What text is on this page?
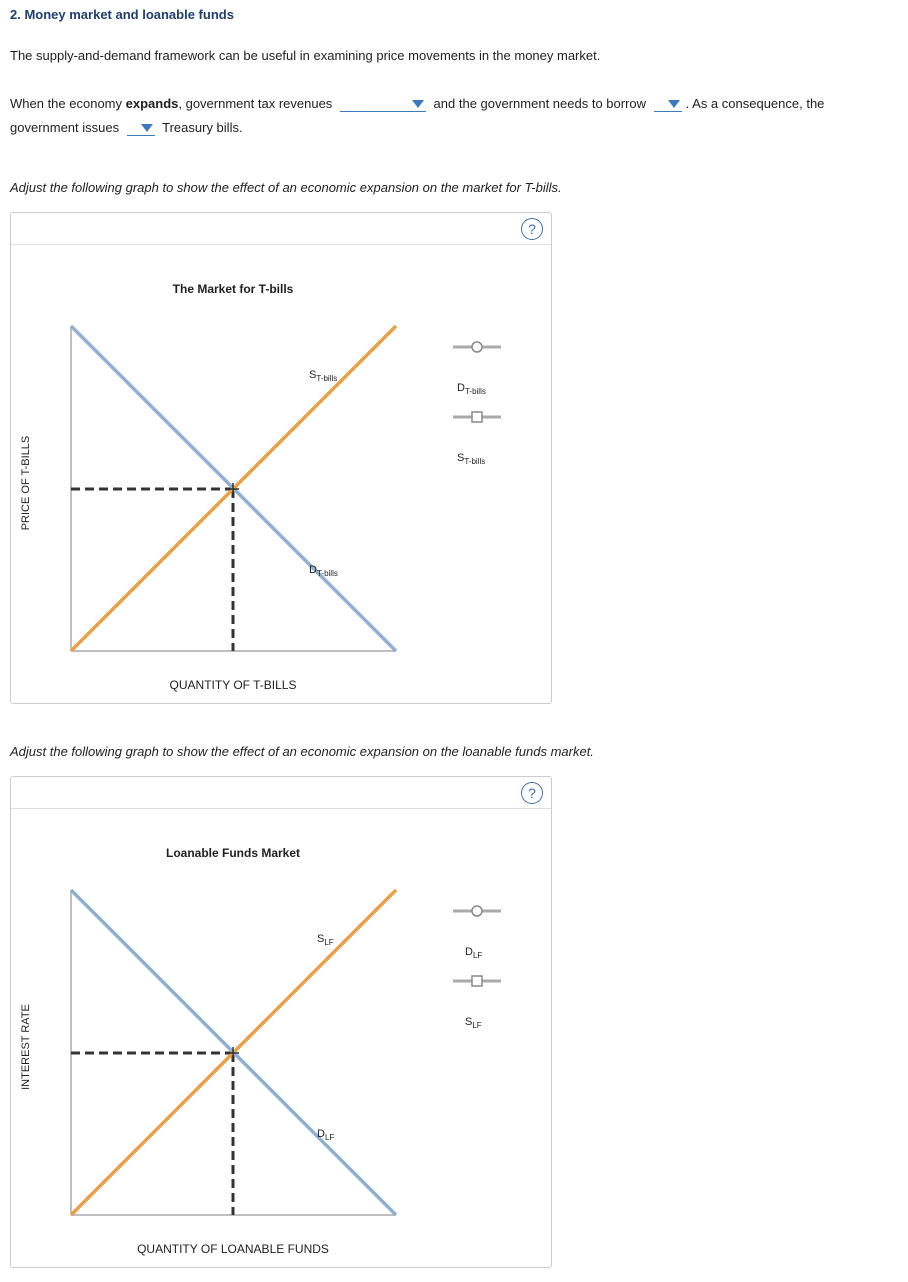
2. Money market and loanable funds
The supply-and-demand framework can be useful in examining price movements in the money market.
When the economy expands, government tax revenues	and the government needs to borrow	. As a consequence, the
government issues	Treasury bills.
Adjust the following graph to show the effect of an economic expansion on the market for T-bills.
?
The Market for T-bills
PRICE OF T-BILLS
QUANTITY OF T-BILLS
$S_{T-bills}$
$D_{T-bills}$
$D_{T-bills}$
$S_{T-bills}$
Adjust the following graph to show the effect of an economic expansion on the loanable funds market.
?
Loanable Funds Market
INTEREST RATE
QUANTITY OF LOANABLE FUNDS
$S_{LF}$
$D_{LF}$
$D_{LF}$
$S_{LF}$
